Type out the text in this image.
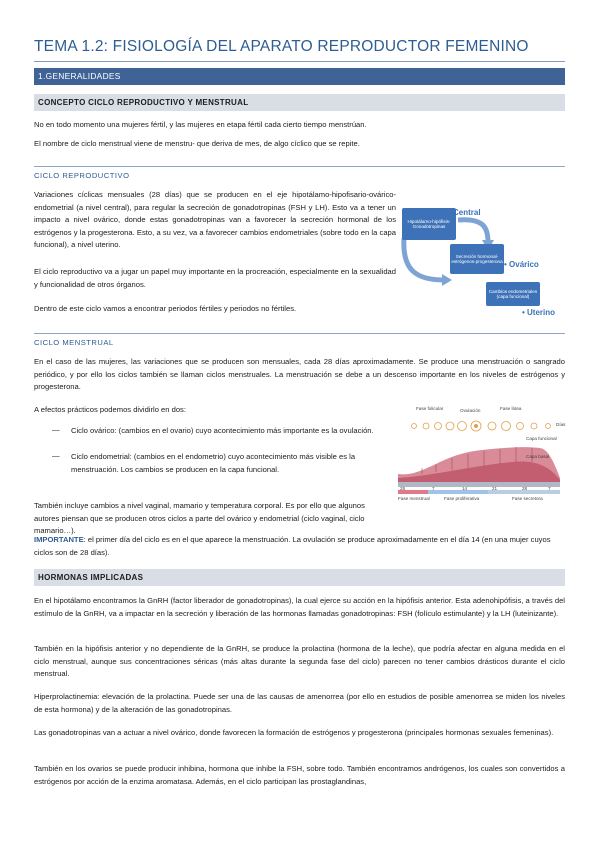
TEMA 1.2: FISIOLOGÍA DEL APARATO REPRODUCTOR FEMENINO
1.GENERALIDADES
CONCEPTO CICLO REPRODUCTIVO Y MENSTRUAL
No en todo momento una mujeres fértil, y las mujeres en etapa fértil cada cierto tiempo menstrúan.
El nombre de ciclo menstrual viene de menstru- que deriva de mes, de algo cíclico que se repite.
CICLO REPRODUCTIVO
Variaciones cíclicas mensuales (28 días) que se producen en el eje hipotálamo-hipofisario-ovárico-endometrial (a nivel central), para regular la secreción de gonadotropinas (FSH y LH). Esto va a tener un impacto a nivel ovárico, donde estas gonadotropinas van a favorecer la secreción hormonal de los estrógenos y la progesterona. Esto, a su vez, va a favorecer cambios endometriales (sobre todo en la capa funcional), a nivel uterino.
El ciclo reproductivo va a jugar un papel muy importante en la procreación, especialmente en la sexualidad y funcionalidad de otros órganos.
Dentro de este ciclo vamos a encontrar periodos fértiles y periodos no fértiles.
Hipotálamo-hipófisis-Gonadotropinas
Secreción hormonal-estrógenos-progesterona
Cambios endometriales (capa funcional)
• Central
• Ovárico
• Uterino
CICLO MENSTRUAL
En el caso de las mujeres, las variaciones que se producen son mensuales, cada 28 días aproximadamente. Se produce una menstruación o sangrado periódico, y por ello los ciclos también se llaman ciclos menstruales. La menstruación se debe a un descenso importante en los niveles de estrógenos y progesterona.
A efectos prácticos podemos dividirlo en dos:
— Ciclo ovárico: (cambios en el ovario) cuyo acontecimiento más importante es la ovulación.
— Ciclo endometrial: (cambios en el endometrio) cuyo acontecimiento más visible es la menstruación. Los cambios se producen en la capa funcional.
También incluye cambios a nivel vaginal, mamario y temperatura corporal. Es por ello que algunos autores piensan que se producen otros ciclos a parte del ovárico y endometrial (ciclo vaginal, ciclo mamario…).
IMPORTANTE: el primer día del ciclo es en el que aparece la menstruación. La ovulación se produce aproximadamente en el día 14 (en una mujer cuyos ciclos son de 28 días).
Fase folicular	Ovulación	Fase lútea
Capa funcional
Capa basal
Fase menstrual	Fase proliferativa	Fase secretora
28	7	14	21	28	7
Días
HORMONAS IMPLICADAS
En el hipotálamo encontramos la GnRH (factor liberador de gonadotropinas), la cual ejerce su acción en la hipófisis anterior. Esta adenohipófisis, a través del estímulo de la GnRH, va a impactar en la secreción y liberación de las hormonas llamadas gonadotropinas: FSH (folículo estimulante) y la LH (luteinizante).
También en la hipófisis anterior y no dependiente de la GnRH, se produce la prolactina (hormona de la leche), que podría afectar en alguna medida en el ciclo menstrual, aunque sus concentraciones séricas (más altas durante la segunda fase del ciclo) parecen no tener cambios drásticos durante el ciclo menstrual.
Hiperprolactinemia: elevación de la prolactina. Puede ser una de las causas de amenorrea (por ello en estudios de posible amenorrea se miden los niveles de esta hormona) y de la alteración de las gonadotropinas.
Las gonadotropinas van a actuar a nivel ovárico, donde favorecen la formación de estrógenos y progesterona (principales hormonas sexuales femeninas).
También en los ovarios se puede producir inhibina, hormona que inhibe la FSH, sobre todo. También encontramos andrógenos, los cuales son convertidos a estrógenos por acción de la enzima aromatasa. Además, en el ciclo participan las prostaglandinas,
